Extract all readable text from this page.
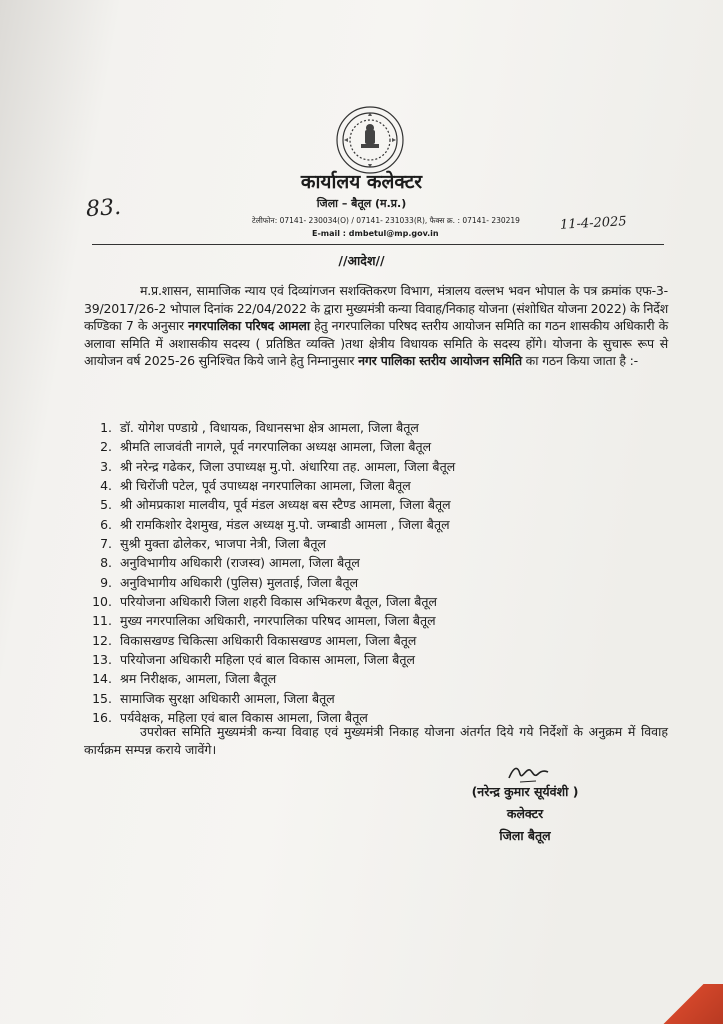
कार्यालय कलेक्टर
जिला – बैतूल (म.प्र.)
टेलीफोन: 07141- 230034(O) / 07141- 231033(R), फैक्स क्र. : 07141- 230219
E-mail : dmbetul@mp.gov.in
83.
11-4-2025
//आदेश//
म.प्र.शासन, सामाजिक न्याय एवं दिव्यांगजन सशक्तिकरण विभाग, मंत्रालय वल्लभ भवन भोपाल के पत्र क्रमांक एफ-3-39/2017/26-2 भोपाल दिनांक 22/04/2022 के द्वारा मुख्यमंत्री कन्या विवाह/निकाह योजना (संशोधित योजना 2022) के निर्देश कण्डिका 7 के अनुसार नगरपालिका परिषद आमला हेतु नगरपालिका परिषद स्तरीय आयोजन समिति का गठन शासकीय अधिकारी के अलावा समिति में अशासकीय सदस्य ( प्रतिष्ठित व्यक्ति )तथा क्षेत्रीय विधायक समिति के सदस्य होंगे। योजना के सुचारू रूप से आयोजन वर्ष 2025-26 सुनिश्चित किये जाने हेतु निम्नानुसार नगर पालिका स्तरीय आयोजन समिति का गठन किया जाता है :-
1. डॉ. योगेश पण्डाग्रे , विधायक, विधानसभा क्षेत्र आमला, जिला बैतूल
2. श्रीमति लाजवंती नागले, पूर्व नगरपालिका अध्यक्ष आमला, जिला बैतूल
3. श्री नरेन्द्र गढेकर, जिला उपाध्यक्ष मु.पो. अंधारिया तह. आमला, जिला बैतूल
4. श्री चिरोंजी पटेल, पूर्व उपाध्यक्ष नगरपालिका आमला, जिला बैतूल
5. श्री ओमप्रकाश मालवीय, पूर्व मंडल अध्यक्ष बस स्टैण्ड आमला, जिला बैतूल
6. श्री रामकिशोर देशमुख, मंडल अध्यक्ष मु.पो. जम्बाडी आमला , जिला बैतूल
7. सुश्री मुक्ता ढोलेकर, भाजपा नेत्री, जिला बैतूल
8. अनुविभागीय अधिकारी (राजस्व) आमला, जिला बैतूल
9. अनुविभागीय अधिकारी (पुलिस) मुलताई, जिला बैतूल
10. परियोजना अधिकारी जिला शहरी विकास अभिकरण बैतूल, जिला बैतूल
11. मुख्य नगरपालिका अधिकारी, नगरपालिका परिषद आमला, जिला बैतूल
12. विकासखण्ड चिकित्सा अधिकारी विकासखण्ड आमला, जिला बैतूल
13. परियोजना अधिकारी महिला एवं बाल विकास आमला, जिला बैतूल
14. श्रम निरीक्षक, आमला, जिला बैतूल
15. सामाजिक सुरक्षा अधिकारी आमला, जिला बैतूल
16. पर्यवेक्षक, महिला एवं बाल विकास आमला, जिला बैतूल
उपरोक्त समिति मुख्यमंत्री कन्या विवाह एवं मुख्यमंत्री निकाह योजना अंतर्गत दिये गये निर्देशों के अनुक्रम में विवाह कार्यक्रम सम्पन्न कराये जावेंगे।
(नरेन्द्र कुमार सूर्यवंशी )
कलेक्टर
जिला बैतूल
